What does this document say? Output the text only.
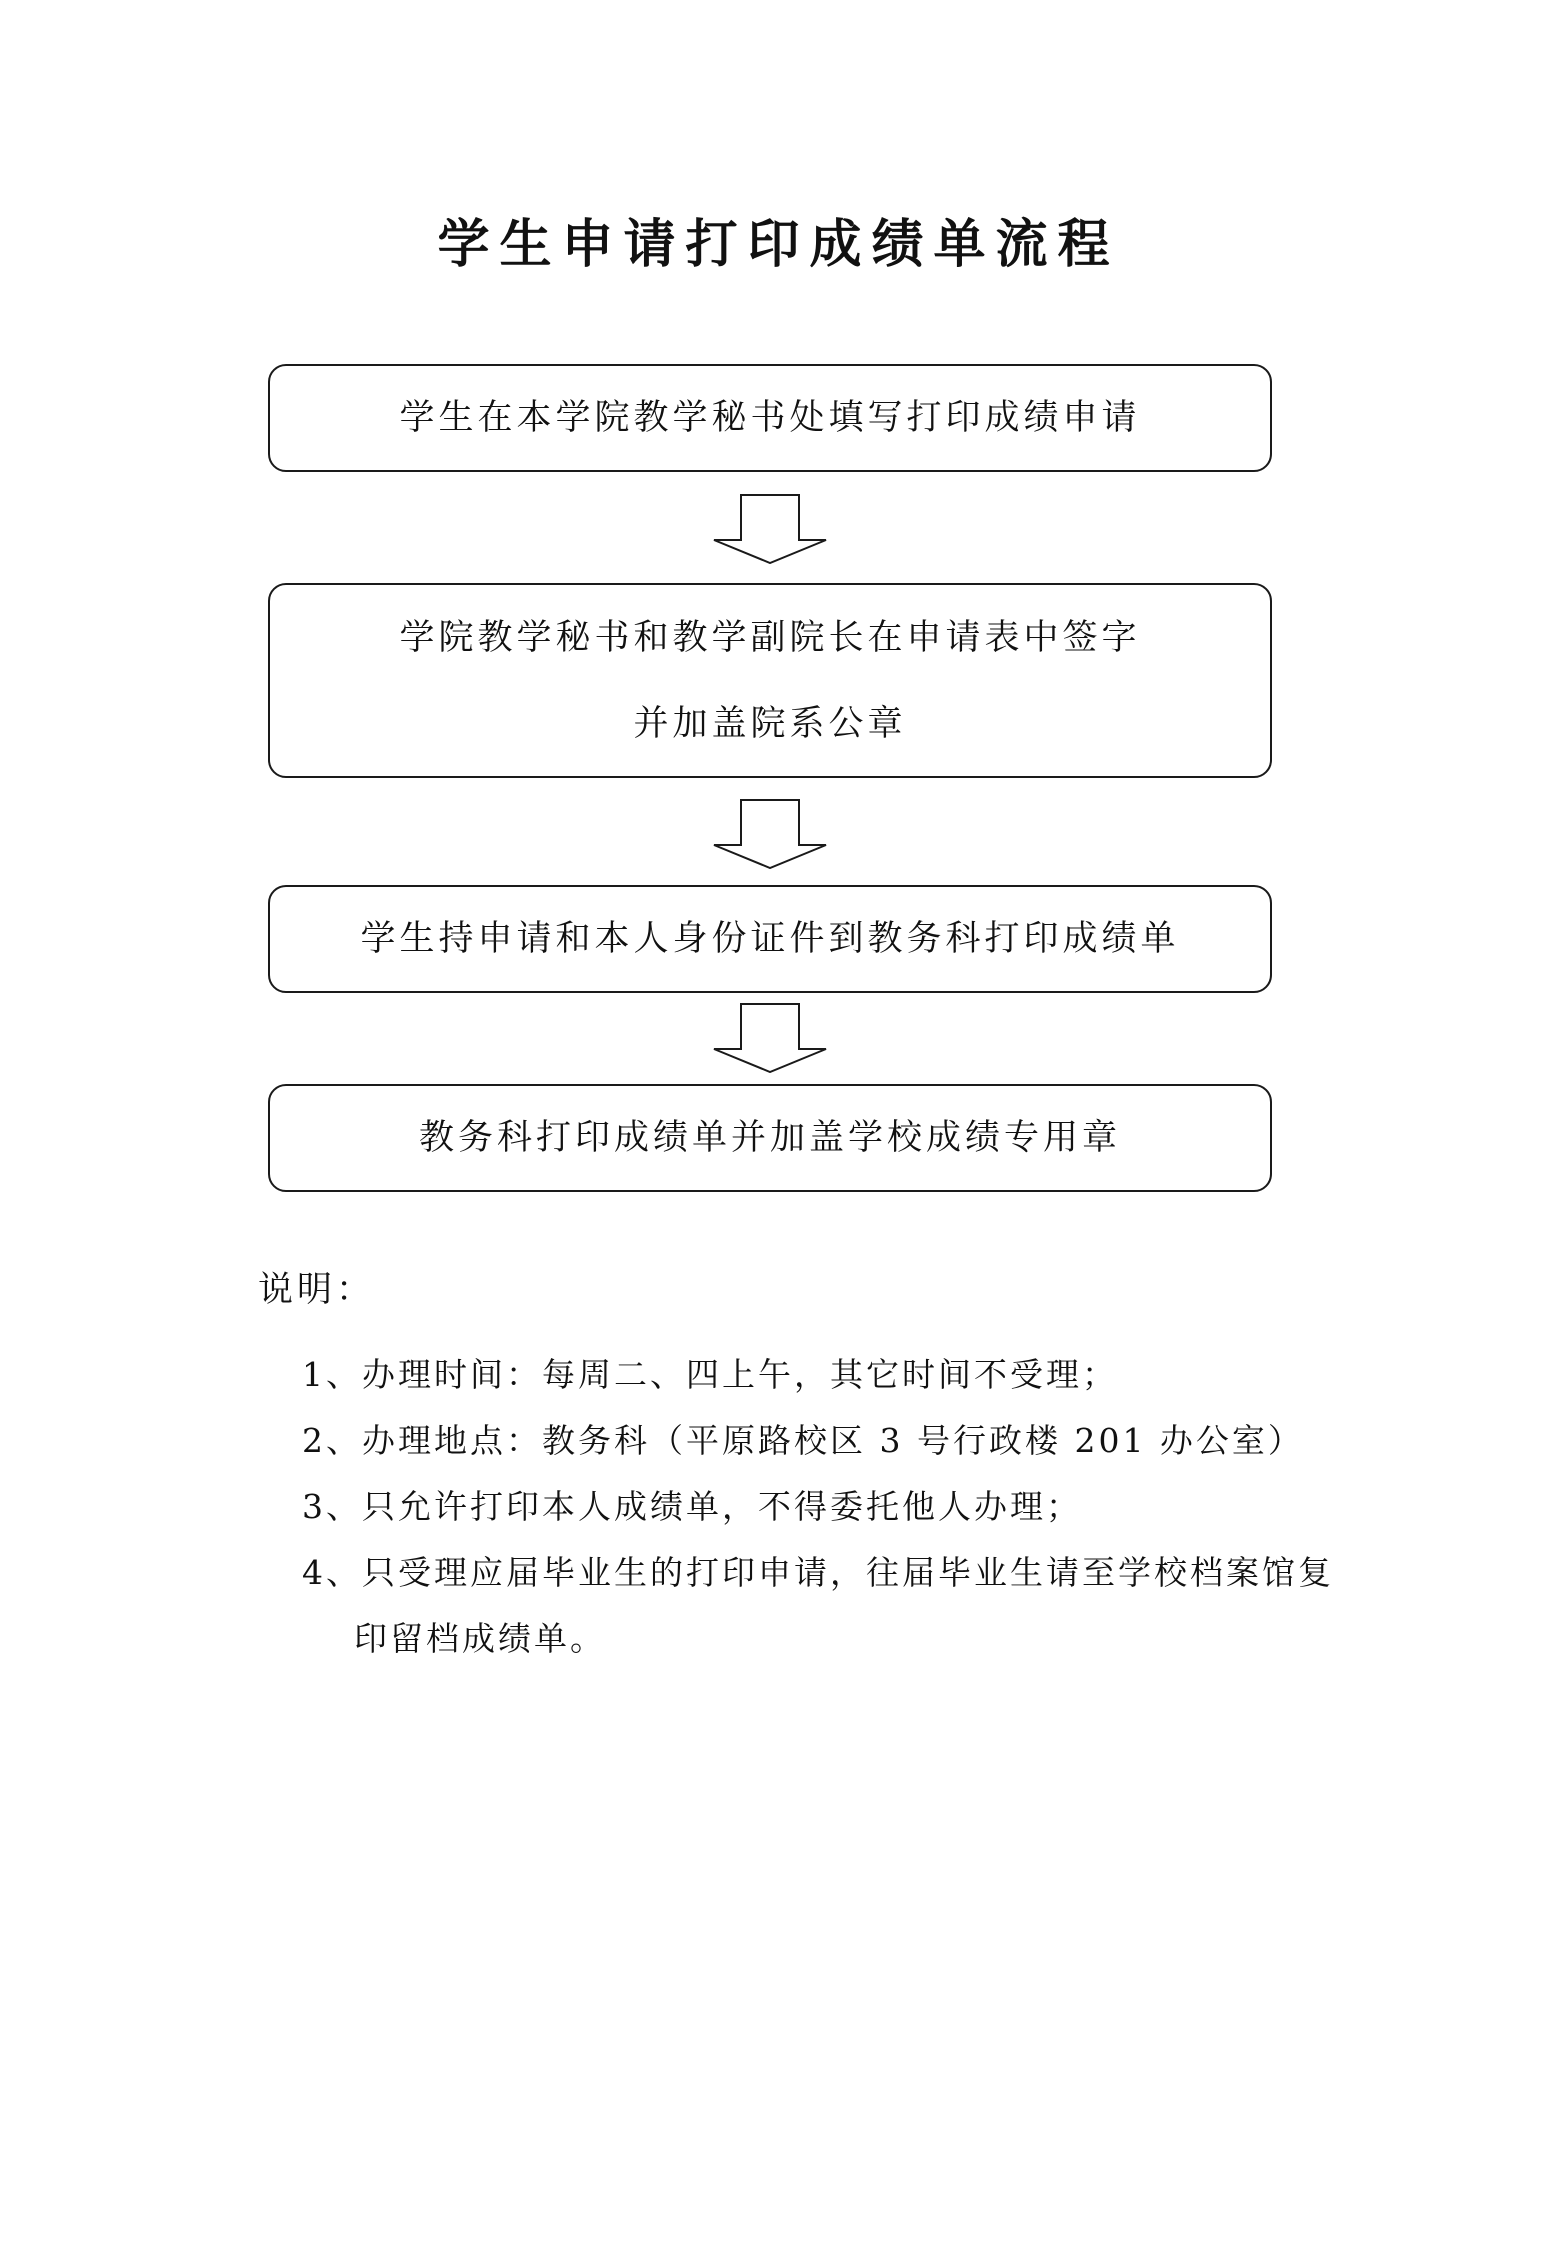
学生申请打印成绩单流程
学生在本学院教学秘书处填写打印成绩申请
学院教学秘书和教学副院长在申请表中签字
并加盖院系公章
学生持申请和本人身份证件到教务科打印成绩单
教务科打印成绩单并加盖学校成绩专用章

说明：

1、办理时间：每周二、四上午，其它时间不受理；
2、办理地点：教务科（平原路校区 3 号行政楼 201 办公室）
3、只允许打印本人成绩单，不得委托他人办理；
4、只受理应届毕业生的打印申请，往届毕业生请至学校档案馆复
印留档成绩单。
